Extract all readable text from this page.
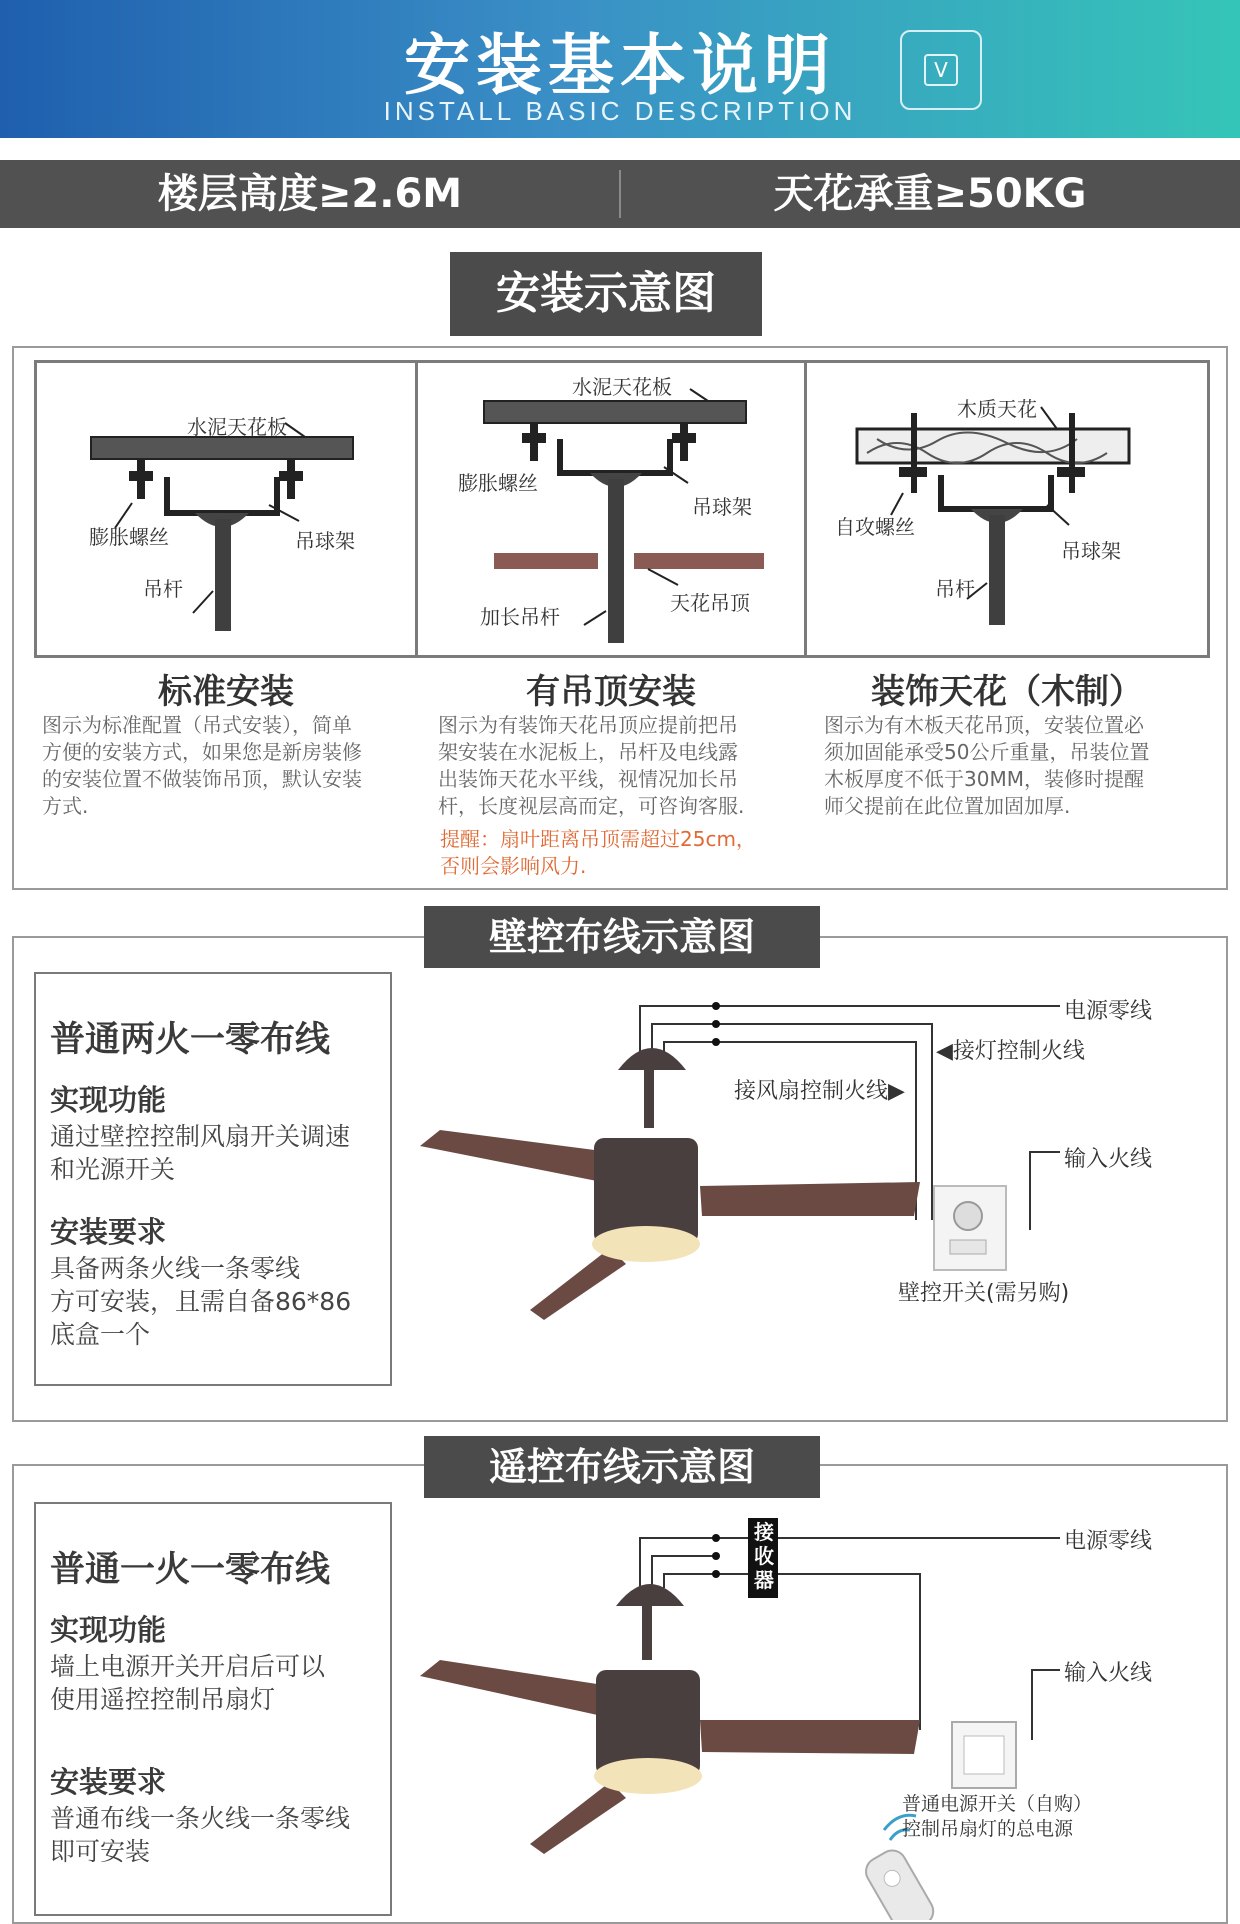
安装基本说明
INSTALL BASIC DESCRIPTION
V
楼层高度≥2.6M	天花承重≥50KG
安装示意图
水泥天花板
膨胀螺丝	吊球架
吊杆
水泥天花板
膨胀螺丝
吊球架
天花吊顶
加长吊杆
木质天花
自攻螺丝
吊球架
吊杆
标准安装	有吊顶安装	装饰天花（木制）
图示为标准配置（吊式安装），简单
方便的安装方式，如果您是新房装修
的安装位置不做装饰吊顶，默认安装
方式.
图示为有装饰天花吊顶应提前把吊
架安装在水泥板上，吊杆及电线露
出装饰天花水平线，视情况加长吊
杆，长度视层高而定，可咨询客服.
提醒：扇叶距离吊顶需超过25cm，
否则会影响风力.
图示为有木板天花吊顶，安装位置必
须加固能承受50公斤重量，吊装位置
木板厚度不低于30MM，装修时提醒
师父提前在此位置加固加厚.
壁控布线示意图
普通两火一零布线
实现功能
通过壁控控制风扇开关调速
和光源开关
安装要求
具备两条火线一条零线
方可安装，且需自备86*86
底盒一个
电源零线
◀接灯控制火线
接风扇控制火线▶
输入火线
壁控开关(需另购)
遥控布线示意图
普通一火一零布线
实现功能
墙上电源开关开启后可以
使用遥控控制吊扇灯
安装要求
普通布线一条火线一条零线
即可安装
接
收
器
电源零线
输入火线
普通电源开关（自购）
控制吊扇灯的总电源
